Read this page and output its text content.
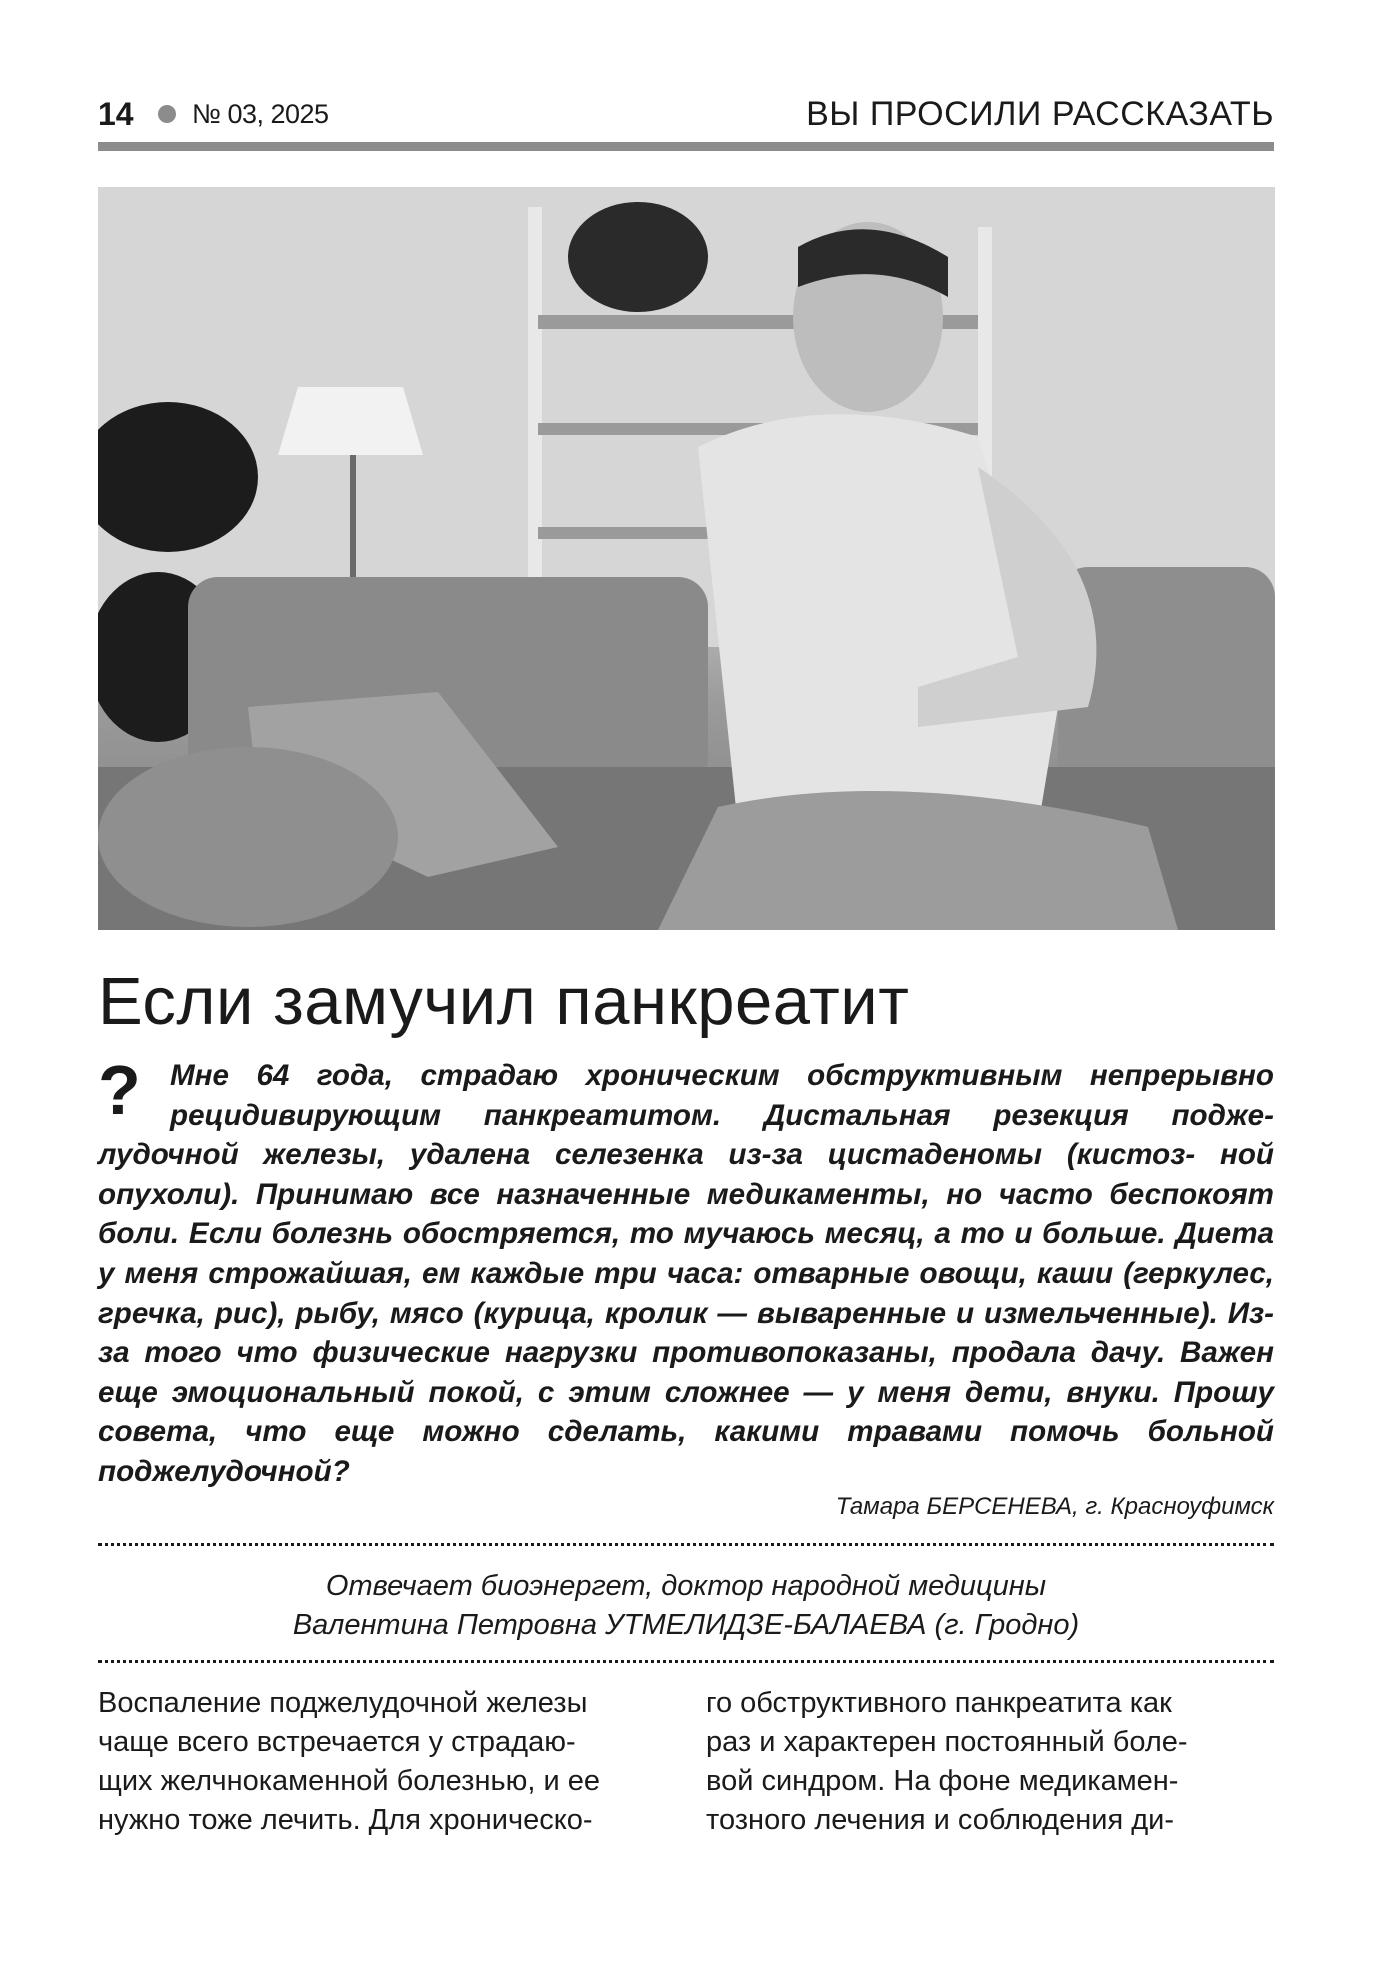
14 № 03, 2025	ВЫ ПРОСИЛИ РАССКАЗАТЬ
Если замучил панкреатит
? Мне 64 года, страдаю хроническим обструктивным непрерывно рецидивирующим панкреатитом. Дистальная резекция подже- лудочной железы, удалена селезенка из-за цистаденомы (кистоз- ной опухоли). Принимаю все назначенные медикаменты, но часто беспокоят боли. Если болезнь обостряется, то мучаюсь месяц, а то и больше. Диета у меня строжайшая, ем каждые три часа: отварные овощи, каши (геркулес, гречка, рис), рыбу, мясо (курица, кролик — вываренные и измельченные). Из-за того что физические нагрузки противопоказаны, продала дачу. Важен еще эмоциональный покой, с этим сложнее — у меня дети, внуки. Прошу совета, что еще можно сделать, какими травами помочь больной поджелудочной?
Тамара БЕРСЕНЕВА, г. Красноуфимск
Отвечает биоэнергет, доктор народной медицины
Валентина Петровна УТМЕЛИДЗЕ-БАЛАЕВА (г. Гродно)
Воспаление поджелудочной железы
чаще всего встречается у страдаю-
щих желчнокаменной болезнью, и ее
нужно тоже лечить. Для хроническо-
го обструктивного панкреатита как
раз и характерен постоянный боле-
вой синдром. На фоне медикамен-
тозного лечения и соблюдения ди-
